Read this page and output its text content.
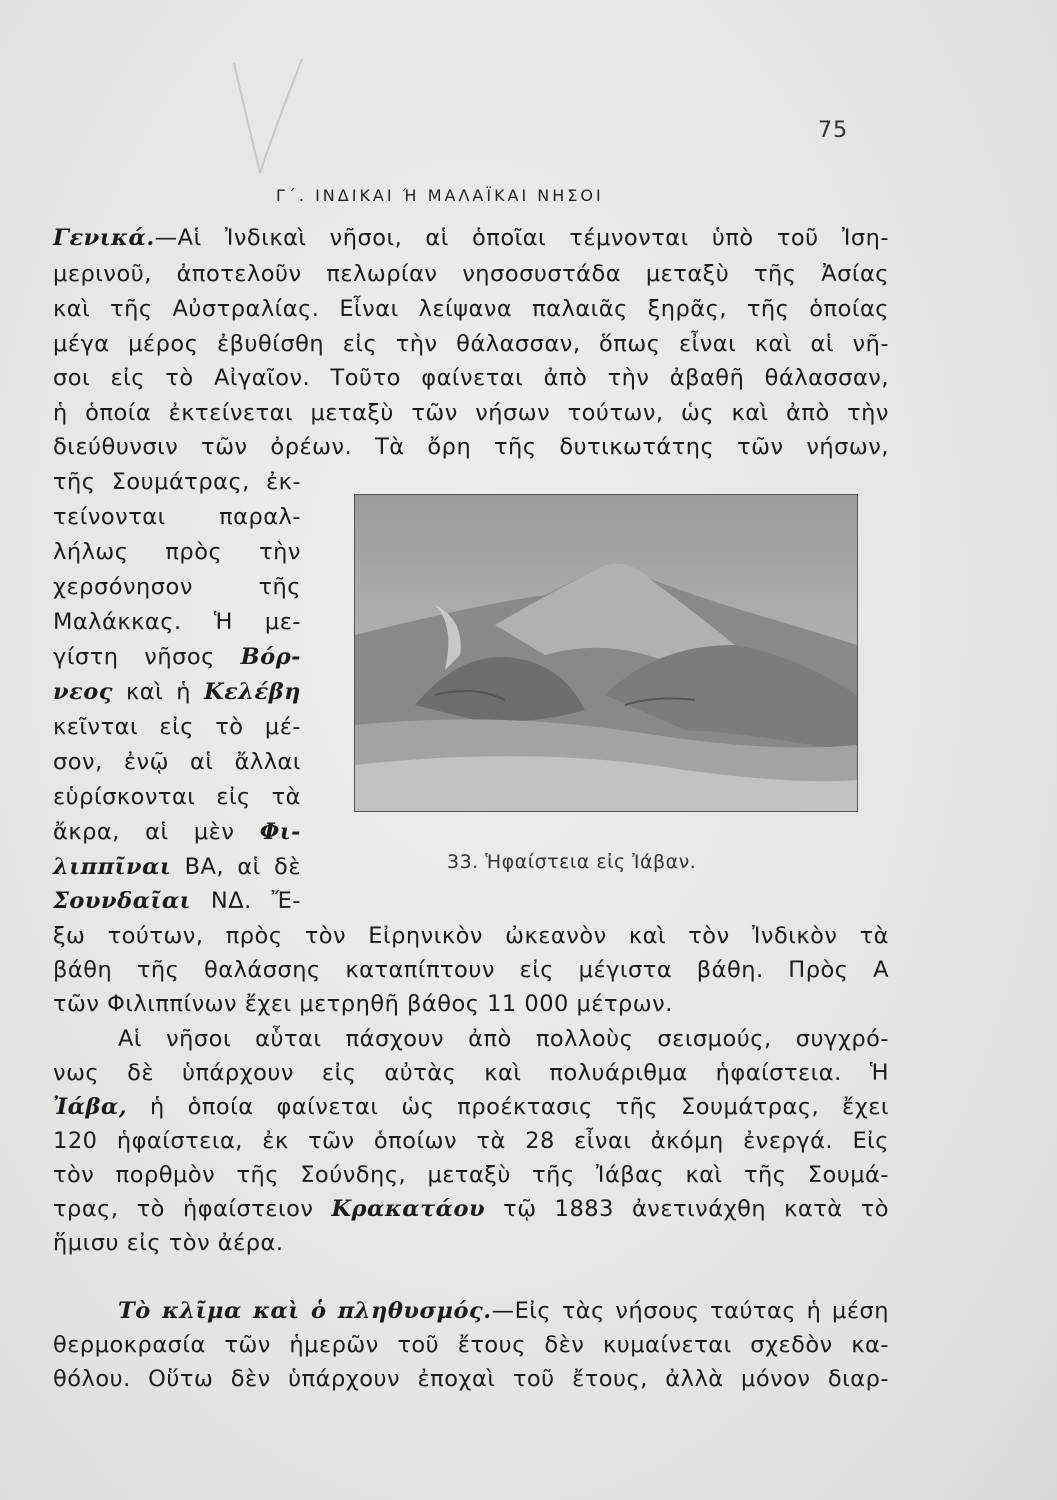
75
Γ΄. ΙΝΔΙΚΑΙ Ή ΜΑΛΑΪΚΑΙ ΝΗΣΟΙ
Γενικά.—Αἱ Ἰνδικαὶ νῆσοι, αἱ ὁποῖαι τέμνονται ὑπὸ τοῦ Ἰση-
μερινοῦ, ἀποτελοῦν πελωρίαν νησοσυστάδα μεταξὺ τῆς Ἀσίας
καὶ τῆς Αὐστραλίας. Εἶναι λείψανα παλαιᾶς ξηρᾶς, τῆς ὁποίας
μέγα μέρος ἐβυθίσθη εἰς τὴν θάλασσαν, ὅπως εἶναι καὶ αἱ νῆ-
σοι εἰς τὸ Αἰγαῖον. Τοῦτο φαίνεται ἀπὸ τὴν ἀβαθῆ θάλασσαν,
ἡ ὁποία ἐκτείνεται μεταξὺ τῶν νήσων τούτων, ὡς καὶ ἀπὸ τὴν
διεύθυνσιν τῶν ὀρέων. Τὰ ὄρη τῆς δυτικωτάτης τῶν νήσων,
τῆς Σουμάτρας, ἐκ-
τείνονται παραλ-
λήλως πρὸς τὴν
χερσόνησον τῆς
Μαλάκκας. Ἡ με-
γίστη νῆσος Βόρ-
νεος καὶ ἡ Κελέβη
κεῖνται εἰς τὸ μέ-
σον, ἐνῷ αἱ ἄλλαι
εὑρίσκονται εἰς τὰ
ἄκρα, αἱ μὲν Φι-
λιππῖναι ΒΑ, αἱ δὲ
Σουνδαῖαι ΝΔ. Ἔ-
ξω τούτων, πρὸς τὸν Εἰρηνικὸν ὠκεανὸν καὶ τὸν Ἰνδικὸν τὰ
βάθη τῆς θαλάσσης καταπίπτουν εἰς μέγιστα βάθη. Πρὸς Α
τῶν Φιλιππίνων ἔχει μετρηθῆ βάθος 11 000 μέτρων.
33. Ἡφαίστεια εἰς Ἰάβαν.
Αἱ νῆσοι αὗται πάσχουν ἀπὸ πολλοὺς σεισμούς, συγχρό-
νως δὲ ὑπάρχουν εἰς αὐτὰς καὶ πολυάριθμα ἡφαίστεια. Ἡ
Ἰάβα, ἡ ὁποία φαίνεται ὡς προέκτασις τῆς Σουμάτρας, ἔχει
120 ἡφαίστεια, ἐκ τῶν ὁποίων τὰ 28 εἶναι ἀκόμη ἐνεργά. Εἰς
τὸν πορθμὸν τῆς Σούνδης, μεταξὺ τῆς Ἰάβας καὶ τῆς Σουμά-
τρας, τὸ ἡφαίστειον Κρακατάου τῷ 1883 ἀνετινάχθη κατὰ τὸ
ἥμισυ εἰς τὸν ἀέρα.
Τὸ κλῖμα καὶ ὁ πληθυσμός.—Εἰς τὰς νήσους ταύτας ἡ μέση
θερμοκρασία τῶν ἡμερῶν τοῦ ἔτους δὲν κυμαίνεται σχεδὸν κα-
θόλου. Οὕτω δὲν ὑπάρχουν ἐποχαὶ τοῦ ἔτους, ἀλλὰ μόνον διαρ-
